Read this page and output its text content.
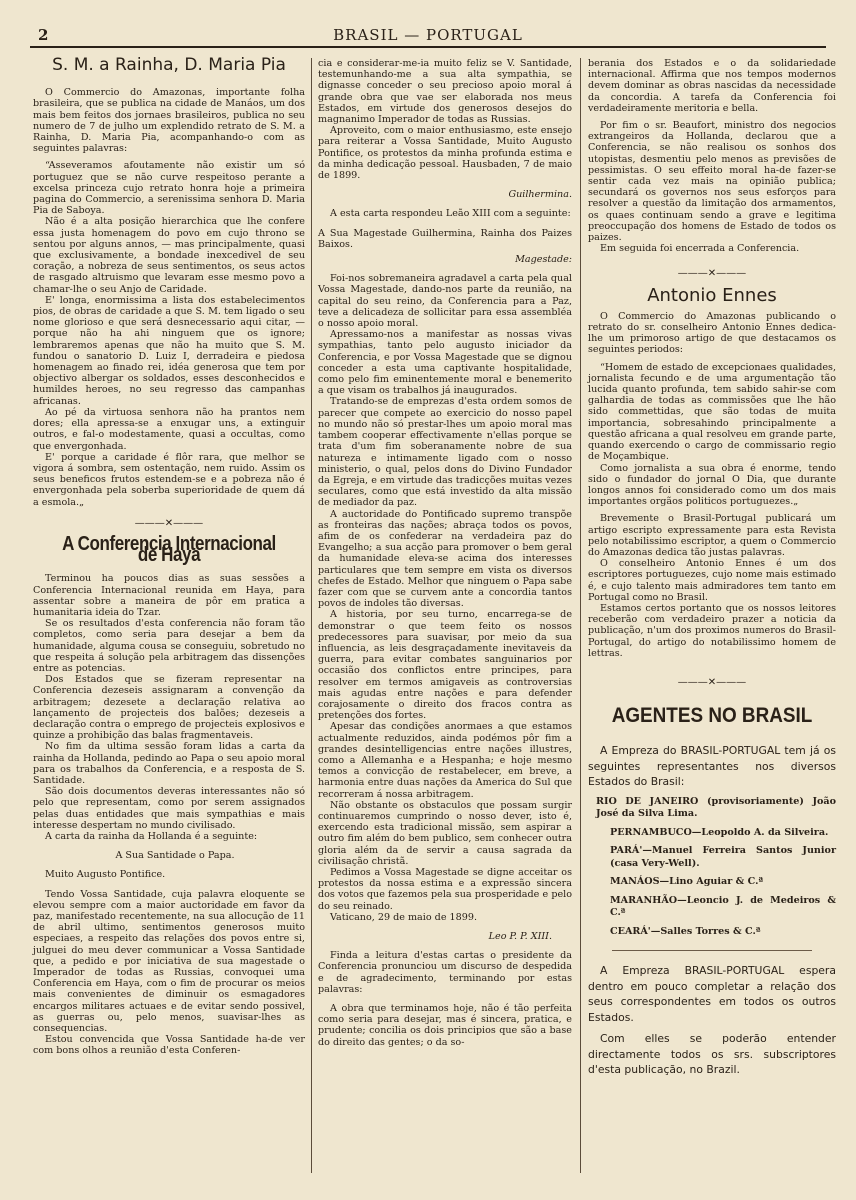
2	BRASIL — PORTUGAL
S. M. a Rainha, D. Maria Pia

O Commercio do Amazonas, importante folha brasileira, que se publica na cidade de Manáos, um dos mais bem feitos dos jornaes brasileiros, publica no seu numero de 7 de julho um explendido retrato de S. M. a Rainha, D. Maria Pia, acompanhando-o com as seguintes palavras:

“Asseveramos afoutamente não existir um só portuguez que se não curve respeitoso perante a excelsa princeza cujo retrato honra hoje a primeira pagina do Commercio, a serenissima senhora D. Maria Pia de Saboya.

Não é a alta posição hierarchica que lhe confere essa justa homenagem do povo em cujo throno se sentou por alguns annos, — mas principalmente, quasi que exclusivamente, a bondade inexcedivel de seu coração, a nobreza de seus sentimentos, os seus actos de rasgado altruismo que levaram esse mesmo povo a chamar-lhe o seu Anjo de Caridade.

E' longa, enormissima a lista dos estabelecimentos pios, de obras de caridade a que S. M. tem ligado o seu nome glorioso e que será desnecessario aqui citar, — porque não ha ahi ninguem que os ignore; lembraremos apenas que não ha muito que S. M. fundou o sanatorio D. Luiz I, derradeira e piedosa homenagem ao finado rei, idéa generosa que tem por objectivo albergar os soldados, esses desconhecidos e humildes heroes, no seu regresso das campanhas africanas.

Ao pé da virtuosa senhora não ha prantos nem dores; ella apressa-se a enxugar uns, a extinguir outros, e fal-o modestamente, quasi a occultas, como que envergonhada.

E' porque a caridade é flôr rara, que melhor se vigora á sombra, sem ostentação, nem ruido. Assim os seus beneficos frutos estendem-se e a pobreza não é envergonhada pela soberba superioridade de quem dá a esmola.„

———✕———
A Conferencia Internacional de Haya

Terminou ha poucos dias as suas sessões a Conferencia Internacional reunida em Haya, para assentar sobre a maneira de pôr em pratica a humanitaria ideia do Tzar.

Se os resultados d'esta conferencia não foram tão completos, como seria para desejar a bem da humanidade, alguma cousa se conseguiu, sobretudo no que respeita á solução pela arbitragem das dissenções entre as potencias.

Dos Estados que se fizeram representar na Conferencia dezeseis assignaram a convenção da arbitragem; dezesete a declaração relativa ao lançamento de projecteis dos balões; dezeseis a declaração contra o emprego de projecteis explosivos e quinze a prohibição das balas fragmentaveis.

No fim da ultima sessão foram lidas a carta da rainha da Hollanda, pedindo ao Papa o seu apoio moral para os trabalhos da Conferencia, e a resposta de S. Santidade.

São dois documentos deveras interessantes não só pelo que representam, como por serem assignados pelas duas entidades que mais sympathias e mais interesse despertam no mundo civilisado.

A carta da rainha da Hollanda é a seguinte:

A Sua Santidade o Papa.

Muito Augusto Pontifice.

Tendo Vossa Santidade, cuja palavra eloquente se elevou sempre com a maior auctoridade em favor da paz, manifestado recentemente, na sua allocução de 11 de abril ultimo, sentimentos generosos muito especiaes, a respeito das relações dos povos entre si, julguei do meu dever communicar a Vossa Santidade que, a pedido e por iniciativa de sua magestade o Imperador de todas as Russias, convoquei uma Conferencia em Haya, com o fim de procurar os meios mais convenientes de diminuir os esmagadores encargos militares actuaes e de evitar sendo possivel, as guerras ou, pelo menos, suavisar-lhes as consequencias.

Estou convencida que Vossa Santidade ha-de ver com bons olhos a reunião d'esta Conferen-

cia e considerar-me-ia muito feliz se V. Santidade, testemunhando-me a sua alta sympathia, se dignasse conceder o seu precioso apoio moral á grande obra que vae ser elaborada nos meus Estados, em virtude dos generosos desejos do magnanimo Imperador de todas as Russias.

Aproveito, com o maior enthusiasmo, este ensejo para reiterar a Vossa Santidade, Muito Augusto Pontifice, os protestos da minha profunda estima e da minha dedicação pessoal. Hausbaden, 7 de maio de 1899.

Guilhermina.

A esta carta respondeu Leão XIII com a seguinte:

A Sua Magestade Guilhermina, Rainha dos Paizes Baixos.

Magestade:

Foi-nos sobremaneira agradavel a carta pela qual Vossa Magestade, dando-nos parte da reunião, na capital do seu reino, da Conferencia para a Paz, teve a delicadeza de sollicitar para essa assembléa o nosso apoio moral.

Apressamo-nos a manifestar as nossas vivas sympathias, tanto pelo augusto iniciador da Conferencia, e por Vossa Magestade que se dignou conceder a esta uma captivante hospitalidade, como pelo fim eminentemente moral e benemerito a que visam os trabalhos já inaugurados.

Tratando-se de emprezas d'esta ordem somos de parecer que compete ao exercicio do nosso papel no mundo não só prestar-lhes um apoio moral mas tambem cooperar effectivamente n'ellas porque se trata d'um fim soberanamente nobre de sua natureza e intimamente ligado com o nosso ministerio, o qual, pelos dons do Divino Fundador da Egreja, e em virtude das tradicções muitas vezes seculares, como que está investido da alta missão de mediador da paz.

A auctoridade do Pontificado supremo transpõe as fronteiras das nações; abraça todos os povos, afim de os confederar na verdadeira paz do Evangelho; a sua acção para promover o bem geral da humanidade eleva-se acima dos interesses particulares que tem sempre em vista os diversos chefes de Estado. Melhor que ninguem o Papa sabe fazer com que se curvem ante a concordia tantos povos de indoles tão diversas.

A historia, por seu turno, encarrega-se de demonstrar o que teem feito os nossos predecessores para suavisar, por meio da sua influencia, as leis desgraçadamente inevitaveis da guerra, para evitar combates sanguinarios por occasião dos conflictos entre principes, para resolver em termos amigaveis as controversias mais agudas entre nações e para defender corajosamente o direito dos fracos contra as pretenções dos fortes.

Apesar das condições anormaes a que estamos actualmente reduzidos, ainda podémos pôr fim a grandes desintelligencias entre nações illustres, como a Allemanha e a Hespanha; e hoje mesmo temos a convicção de restabelecer, em breve, a harmonia entre duas nações da America do Sul que recorreram á nossa arbitragem.

Não obstante os obstaculos que possam surgir continuaremos cumprindo o nosso dever, isto é, exercendo esta tradicional missão, sem aspirar a outro fim além do bem publico, sem conhecer outra gloria além da de servir a causa sagrada da civilisação christã.

Pedimos a Vossa Magestade se digne acceitar os protestos da nossa estima e a expressão sincera dos votos que fazemos pela sua prosperidade e pelo do seu reinado.

Vaticano, 29 de maio de 1899.

Leo P. P. XIII.

Finda a leitura d'estas cartas o presidente da Conferencia pronunciou um discurso de despedida e de agradecimento, terminando por estas palavras:

A obra que terminamos hoje, não é tão perfeita como seria para desejar, mas é sincera, pratica, e prudente; concilia os dois principios que são a base do direito das gentes; o da so-

berania dos Estados e o da solidariedade internacional. Affirma que nos tempos modernos devem dominar as obras nascidas da necessidade da concordia. A tarefa da Conferencia foi verdadeiramente meritoria e bella.

Por fim o sr. Beaufort, ministro dos negocios extrangeiros da Hollanda, declarou que a Conferencia, se não realisou os sonhos dos utopistas, desmentiu pelo menos as previsões de pessimistas. O seu effeito moral ha-de fazer-se sentir cada vez mais na opinião publica; secundará os governos nos seus esforços para resolver a questão da limitação dos armamentos, os quaes continuam sendo a grave e legitima preoccupação dos homens de Estado de todos os paizes.

Em seguida foi encerrada a Conferencia.

———✕———
Antonio Ennes

O Commercio do Amazonas publicando o retrato do sr. conselheiro Antonio Ennes dedica-lhe um primoroso artigo de que destacamos os seguintes periodos:

“Homem de estado de excepcionaes qualidades, jornalista fecundo e de uma argumentação tão lucida quanto profunda, tem sabido sahir-se com galhardia de todas as commissões que lhe hão sido commettidas, que são todas de muita importancia, sobresahindo principalmente a questão africana a qual resolveu em grande parte, quando exercendo o cargo de commissario regio de Moçambique.

Como jornalista a sua obra é enorme, tendo sido o fundador do jornal O Dia, que durante longos annos foi considerado como um dos mais importantes orgãos politicos portuguezes.„

Brevemente o Brasil-Portugal publicará um artigo escripto expressamente para esta Revista pelo notabilissimo escriptor, a quem o Commercio do Amazonas dedica tão justas palavras.

O conselheiro Antonio Ennes é um dos escriptores portuguezes, cujo nome mais estimado é, e cujo talento mais admiradores tem tanto em Portugal como no Brasil.

Estamos certos portanto que os nossos leitores receberão com verdadeiro prazer a noticia da publicação, n'um dos proximos numeros do Brasil-Portugal, do artigo do notabilissimo homem de lettras.

———✕———
AGENTES NO BRASIL

A Empreza do BRASIL-PORTUGAL tem já os seguintes representantes nos diversos Estados do Brasil:

RIO DE JANEIRO (provisoriamente) João José da Silva Lima.

PERNAMBUCO—Leopoldo A. da Silveira.

PARÁ'—Manuel Ferreira Santos Junior (casa Very-Well).

MANÁOS—Lino Aguiar & C.ª

MARANHÃO—Leoncio J. de Medeiros & C.ª

CEARÁ'—Salles Torres & C.ª

A Empreza BRASIL-PORTUGAL espera dentro em pouco completar a relação dos seus correspondentes em todos os outros Estados.

Com elles se poderão entender directamente todos os srs. subscriptores d'esta publicação, no Brazil.
